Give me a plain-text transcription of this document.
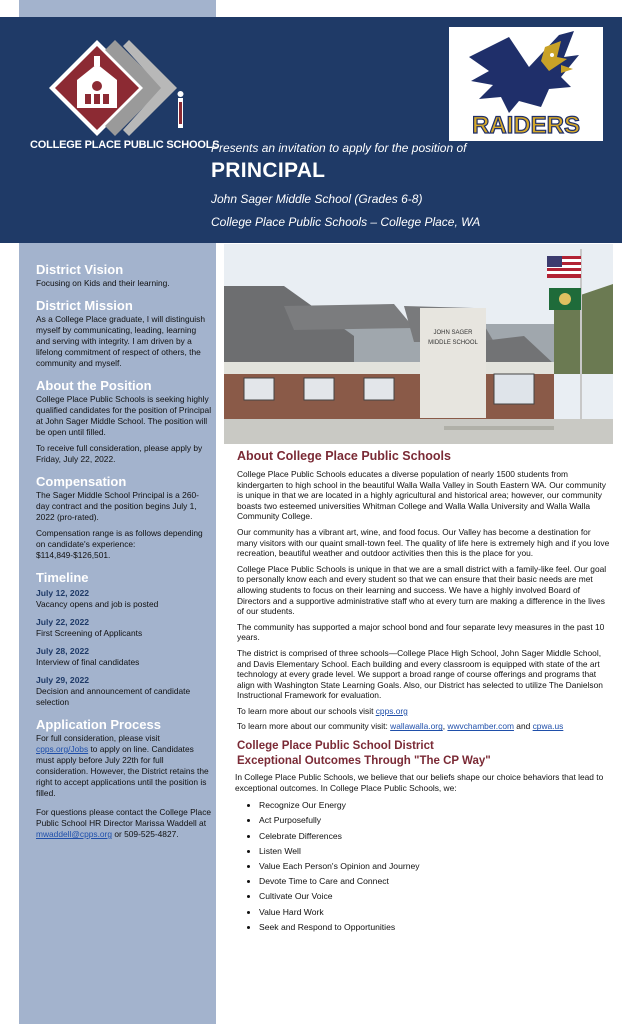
COLLEGE PLACE PUBLIC SCHOOLS
RAIDERS
Presents an invitation to apply for the position of
PRINCIPAL
John Sager Middle School (Grades 6-8)
College Place Public Schools – College Place, WA
JOHN SAGER
MIDDLE SCHOOL
District Vision

Focusing on Kids and their learning.

District Mission

As a College Place graduate, I will distinguish myself by communicating, leading, learning and serving with integrity. I am driven by a lifelong commitment of respect of others, the community and myself.

About the Position

College Place Public Schools is seeking highly qualified candidates for the position of Principal at John Sager Middle School. The position will be open until filled.

To receive full consideration, please apply by Friday, July 22, 2022.

Compensation

The Sager Middle School Principal is a 260-day contract and the position begins July 1, 2022 (pro-rated).

Compensation range is as follows depending on candidate's experience: $114,849-$126,501.

Timeline
July 12, 2022

Vacancy opens and job is posted

July 22, 2022

First Screening of Applicants

July 28, 2022

Interview of final candidates

July 29, 2022

Decision and announcement of candidate selection

Application Process

For full consideration, please visit
cpps.org/Jobs to apply on line. Candidates must apply before July 22th for full consideration. However, the District retains the right to accept applications until the position is filled.

For questions please contact the College Place Public School HR Director Marissa Waddell at mwaddell@cpps.org or 509-525-4827.

About College Place Public Schools

College Place Public Schools educates a diverse population of nearly 1500 students from kindergarten to high school in the beautiful Walla Walla Valley in South Eastern WA. Our community is unique in that we are located in a highly agricultural and historical area; however, our community boasts two esteemed universities Whitman College and Walla Walla University and Walla Walla Community College.

Our community has a vibrant art, wine, and food focus. Our Valley has become a destination for many visitors with our quaint small-town feel. The quality of life here is extremely high and if you love recreation, beautiful weather and outdoor activities then this is the place for you.

College Place Public Schools is unique in that we are a small district with a family-like feel. Our goal to personally know each and every student so that we can ensure that their basic needs are met allowing students to focus on their learning and success. We have a highly involved Board of Directors and a supportive administrative staff who at every turn are making a difference in the lives of our students.

The community has supported a major school bond and four separate levy measures in the past 10 years.

The district is comprised of three schools—College Place High School, John Sager Middle School, and Davis Elementary School. Each building and every classroom is equipped with state of the art technology at every grade level. We support a broad range of course offerings and programs that align with Washington State Learning Goals. Also, our District has selected to utilize The Danielson Instructional Framework for evaluation.

To learn more about our schools visit cpps.org

To learn more about our community visit: wallawalla.org, wwvchamber.com and cpwa.us

College Place Public School District
Exceptional Outcomes Through "The CP Way"

In College Place Public Schools, we believe that our beliefs shape our choice behaviors that lead to exceptional outcomes. In College Place Public Schools, we:

• Recognize Our Energy
• Act Purposefully
• Celebrate Differences
• Listen Well
• Value Each Person's Opinion and Journey
• Devote Time to Care and Connect
• Cultivate Our Voice
• Value Hard Work
• Seek and Respond to Opportunities
